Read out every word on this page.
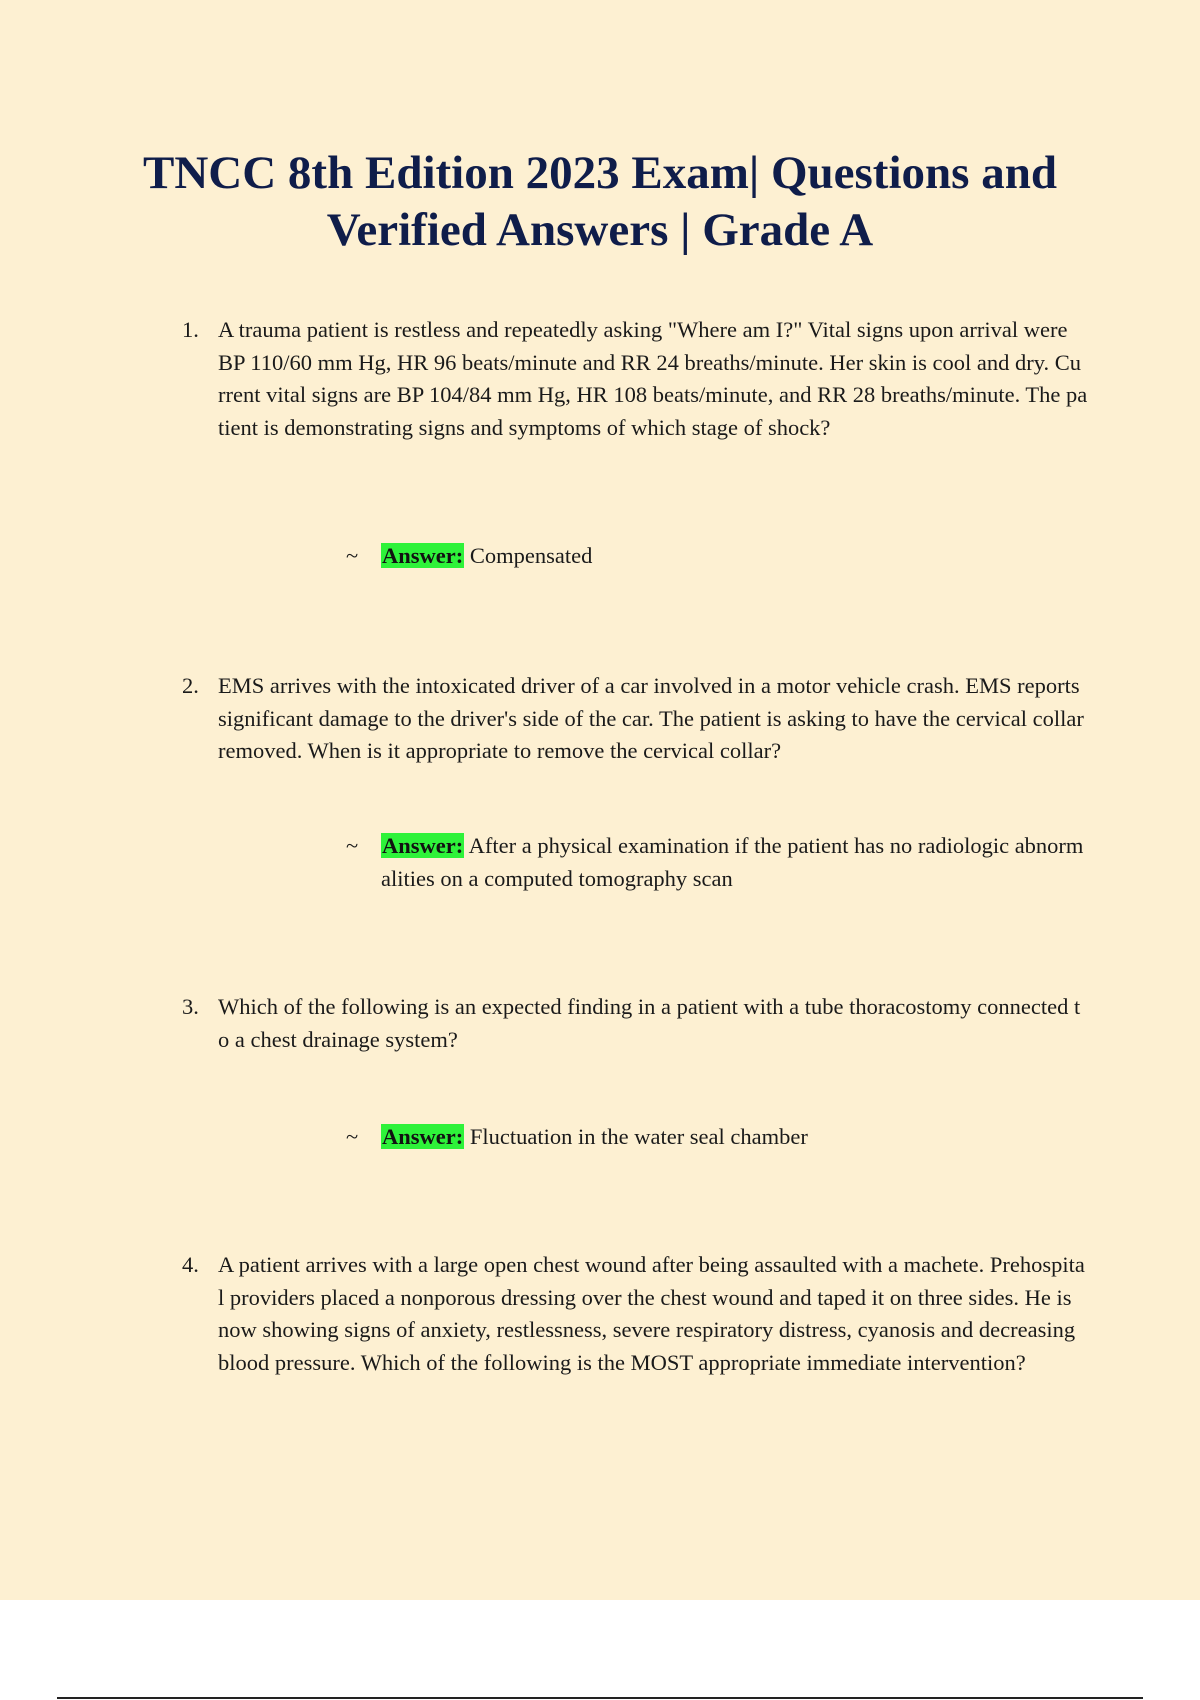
TNCC 8th Edition 2023 Exam| Questions and
Verified Answers | Grade A
1. A trauma patient is restless and repeatedly asking "Where am I?" Vital signs upon arrival were BP 110/60 mm Hg, HR 96 beats/minute and RR 24 breaths/minute. Her skin is cool and dry. Current vital signs are BP 104/84 mm Hg, HR 108 beats/minute, and RR 28 breaths/minute. The patient is demonstrating signs and symptoms of which stage of shock?
~ Answer: Compensated
2. EMS arrives with the intoxicated driver of a car involved in a motor vehicle crash. EMS reports significant damage to the driver's side of the car. The patient is asking to have the cervical collar removed. When is it appropriate to remove the cervical collar?
~ Answer: After a physical examination if the patient has no radiologic abnormalities on a computed tomography scan
3. Which of the following is an expected finding in a patient with a tube thoracostomy connected to a chest drainage system?
~ Answer: Fluctuation in the water seal chamber
4. A patient arrives with a large open chest wound after being assaulted with a machete. Prehospital providers placed a nonporous dressing over the chest wound and taped it on three sides. He is now showing signs of anxiety, restlessness, severe respiratory distress, cyanosis and decreasing blood pressure. Which of the following is the MOST appropriate immediate intervention?
